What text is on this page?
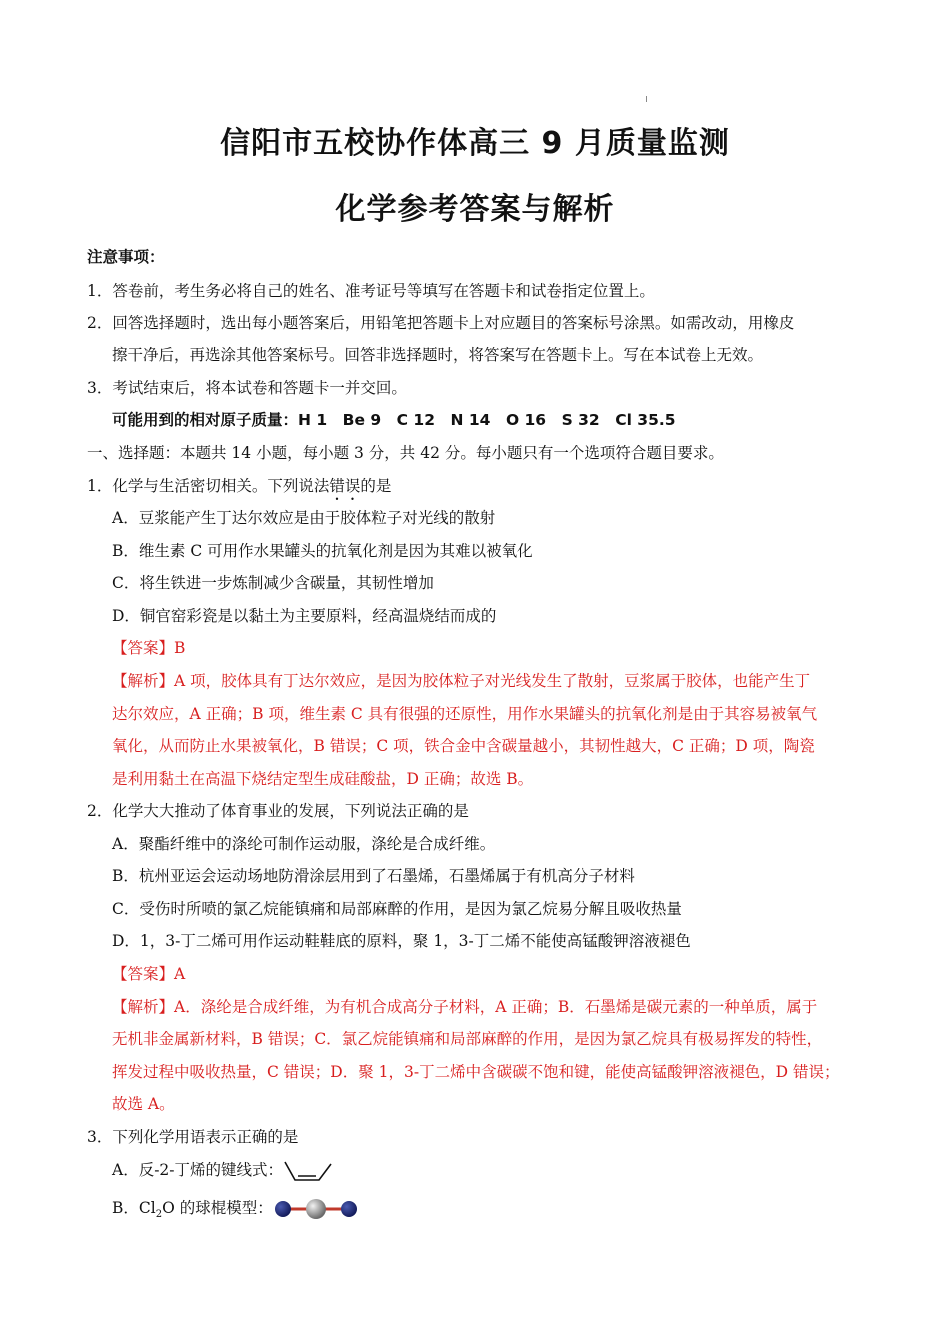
信阳市五校协作体高三 9 月质量监测
化学参考答案与解析
注意事项：
1．答卷前，考生务必将自己的姓名、准考证号等填写在答题卡和试卷指定位置上。
2．回答选择题时，选出每小题答案后，用铅笔把答题卡上对应题目的答案标号涂黑。如需改动，用橡皮
擦干净后，再选涂其他答案标号。回答非选择题时，将答案写在答题卡上。写在本试卷上无效。
3．考试结束后，将本试卷和答题卡一并交回。
可能用到的相对原子质量：H 1　Be 9　C 12　N 14　O 16　S 32　Cl 35.5
一、选择题：本题共 14 小题，每小题 3 分，共 42 分。每小题只有一个选项符合题目要求。
1．化学与生活密切相关。下列说法错误的是
A．豆浆能产生丁达尔效应是由于胶体粒子对光线的散射
B．维生素 C 可用作水果罐头的抗氧化剂是因为其难以被氧化
C．将生铁进一步炼制减少含碳量，其韧性增加
D．铜官窑彩瓷是以黏土为主要原料，经高温烧结而成的
【答案】B
【解析】A 项，胶体具有丁达尔效应，是因为胶体粒子对光线发生了散射，豆浆属于胶体，也能产生丁
达尔效应，A 正确；B 项，维生素 C 具有很强的还原性，用作水果罐头的抗氧化剂是由于其容易被氧气
氧化，从而防止水果被氧化，B 错误；C 项，铁合金中含碳量越小，其韧性越大，C 正确；D 项，陶瓷
是利用黏土在高温下烧结定型生成硅酸盐，D 正确；故选 B。
2．化学大大推动了体育事业的发展，下列说法正确的是
A．聚酯纤维中的涤纶可制作运动服，涤纶是合成纤维。
B．杭州亚运会运动场地防滑涂层用到了石墨烯，石墨烯属于有机高分子材料
C．受伤时所喷的氯乙烷能镇痛和局部麻醉的作用，是因为氯乙烷易分解且吸收热量
D．1，3-丁二烯可用作运动鞋鞋底的原料，聚 1，3-丁二烯不能使高锰酸钾溶液褪色
【答案】A
【解析】A．涤纶是合成纤维，为有机合成高分子材料，A 正确；B．石墨烯是碳元素的一种单质，属于
无机非金属新材料，B 错误；C．氯乙烷能镇痛和局部麻醉的作用，是因为氯乙烷具有极易挥发的特性，
挥发过程中吸收热量，C 错误；D．聚 1，3-丁二烯中含碳碳不饱和键，能使高锰酸钾溶液褪色，D 错误；
故选 A。
3．下列化学用语表示正确的是
A．反-2-丁烯的键线式：
B．$Cl_2O$ 的球棍模型：
